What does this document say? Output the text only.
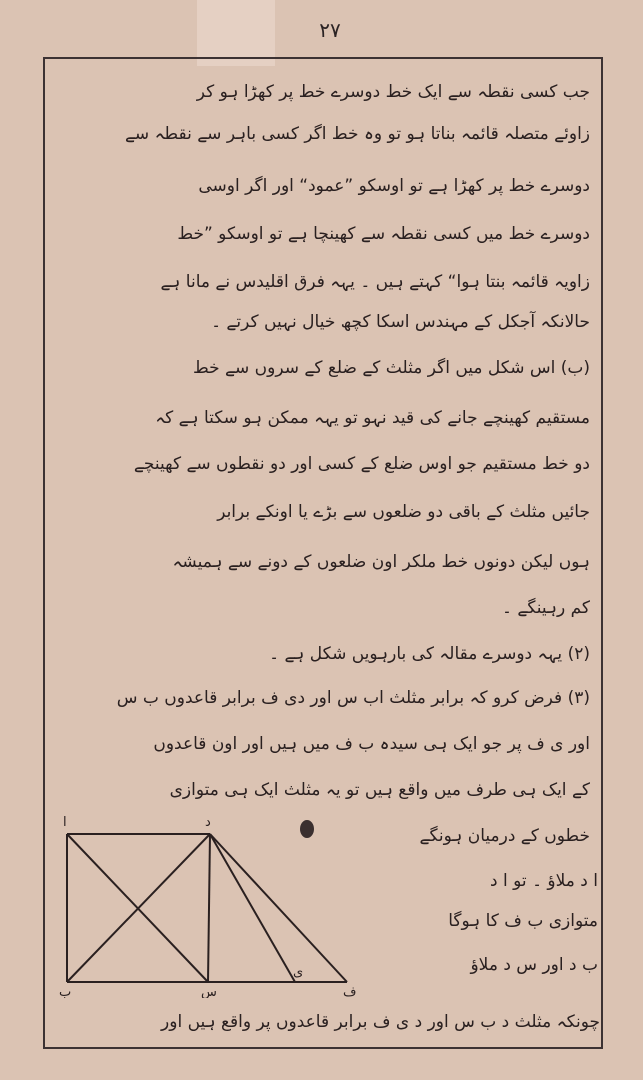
۲۷
جب کسی نقطہ سے ایک خط دوسرے خط پر کھڑا ہو کر
زاوئے متصلہ قائمہ بناتا ہو تو وہ خط اگر کسی باہر سے نقطہ سے
دوسرے خط پر کھڑا ہے تو اوسکو ”عمود“ اور اگر اوسی
دوسرے خط میں کسی نقطہ سے کھینچا ہے تو اوسکو ”خط
زاویہ قائمہ بنتا ہوا“ کہتے ہیں ۔ یہہ فرق اقلیدس نے مانا ہے
حالانکہ آجکل کے مہندس اسکا کچھ خیال نہیں کرتے ۔
(ب) اس شکل میں اگر مثلث کے ضلع کے سروں سے خط
مستقیم کھینچے جانے کی قید نہو تو یہہ ممکن ہو سکتا ہے کہ
دو خط مستقیم جو اوس ضلع کے کسی اور دو نقطوں سے کھینچے
جائیں مثلث کے باقی دو ضلعوں سے بڑے یا اونکے برابر
ہوں لیکن دونوں خط ملکر اون ضلعوں کے دونے سے ہمیشہ
کم رہینگے ۔
(۲) یہہ دوسرے مقالہ کی بارہویں شکل ہے ۔
(۳) فرض کرو کہ برابر مثلث اب س اور دی ف برابر قاعدوں ب س
اور ی ف پر جو ایک ہی سیدہ ب ف میں ہیں اور اون قاعدوں
کے ایک ہی طرف میں واقع ہیں تو یہ مثلث ایک ہی متوازی
خطوں کے درمیان ہونگے
ا د ملاؤ ۔ تو ا د
متوازی ب ف کا ہوگا
ب د اور س د ملاؤ
ا	د
ب	س
ی
ف
چونکہ مثلث د ب س اور د ی ف برابر قاعدوں پر واقع ہیں اور
